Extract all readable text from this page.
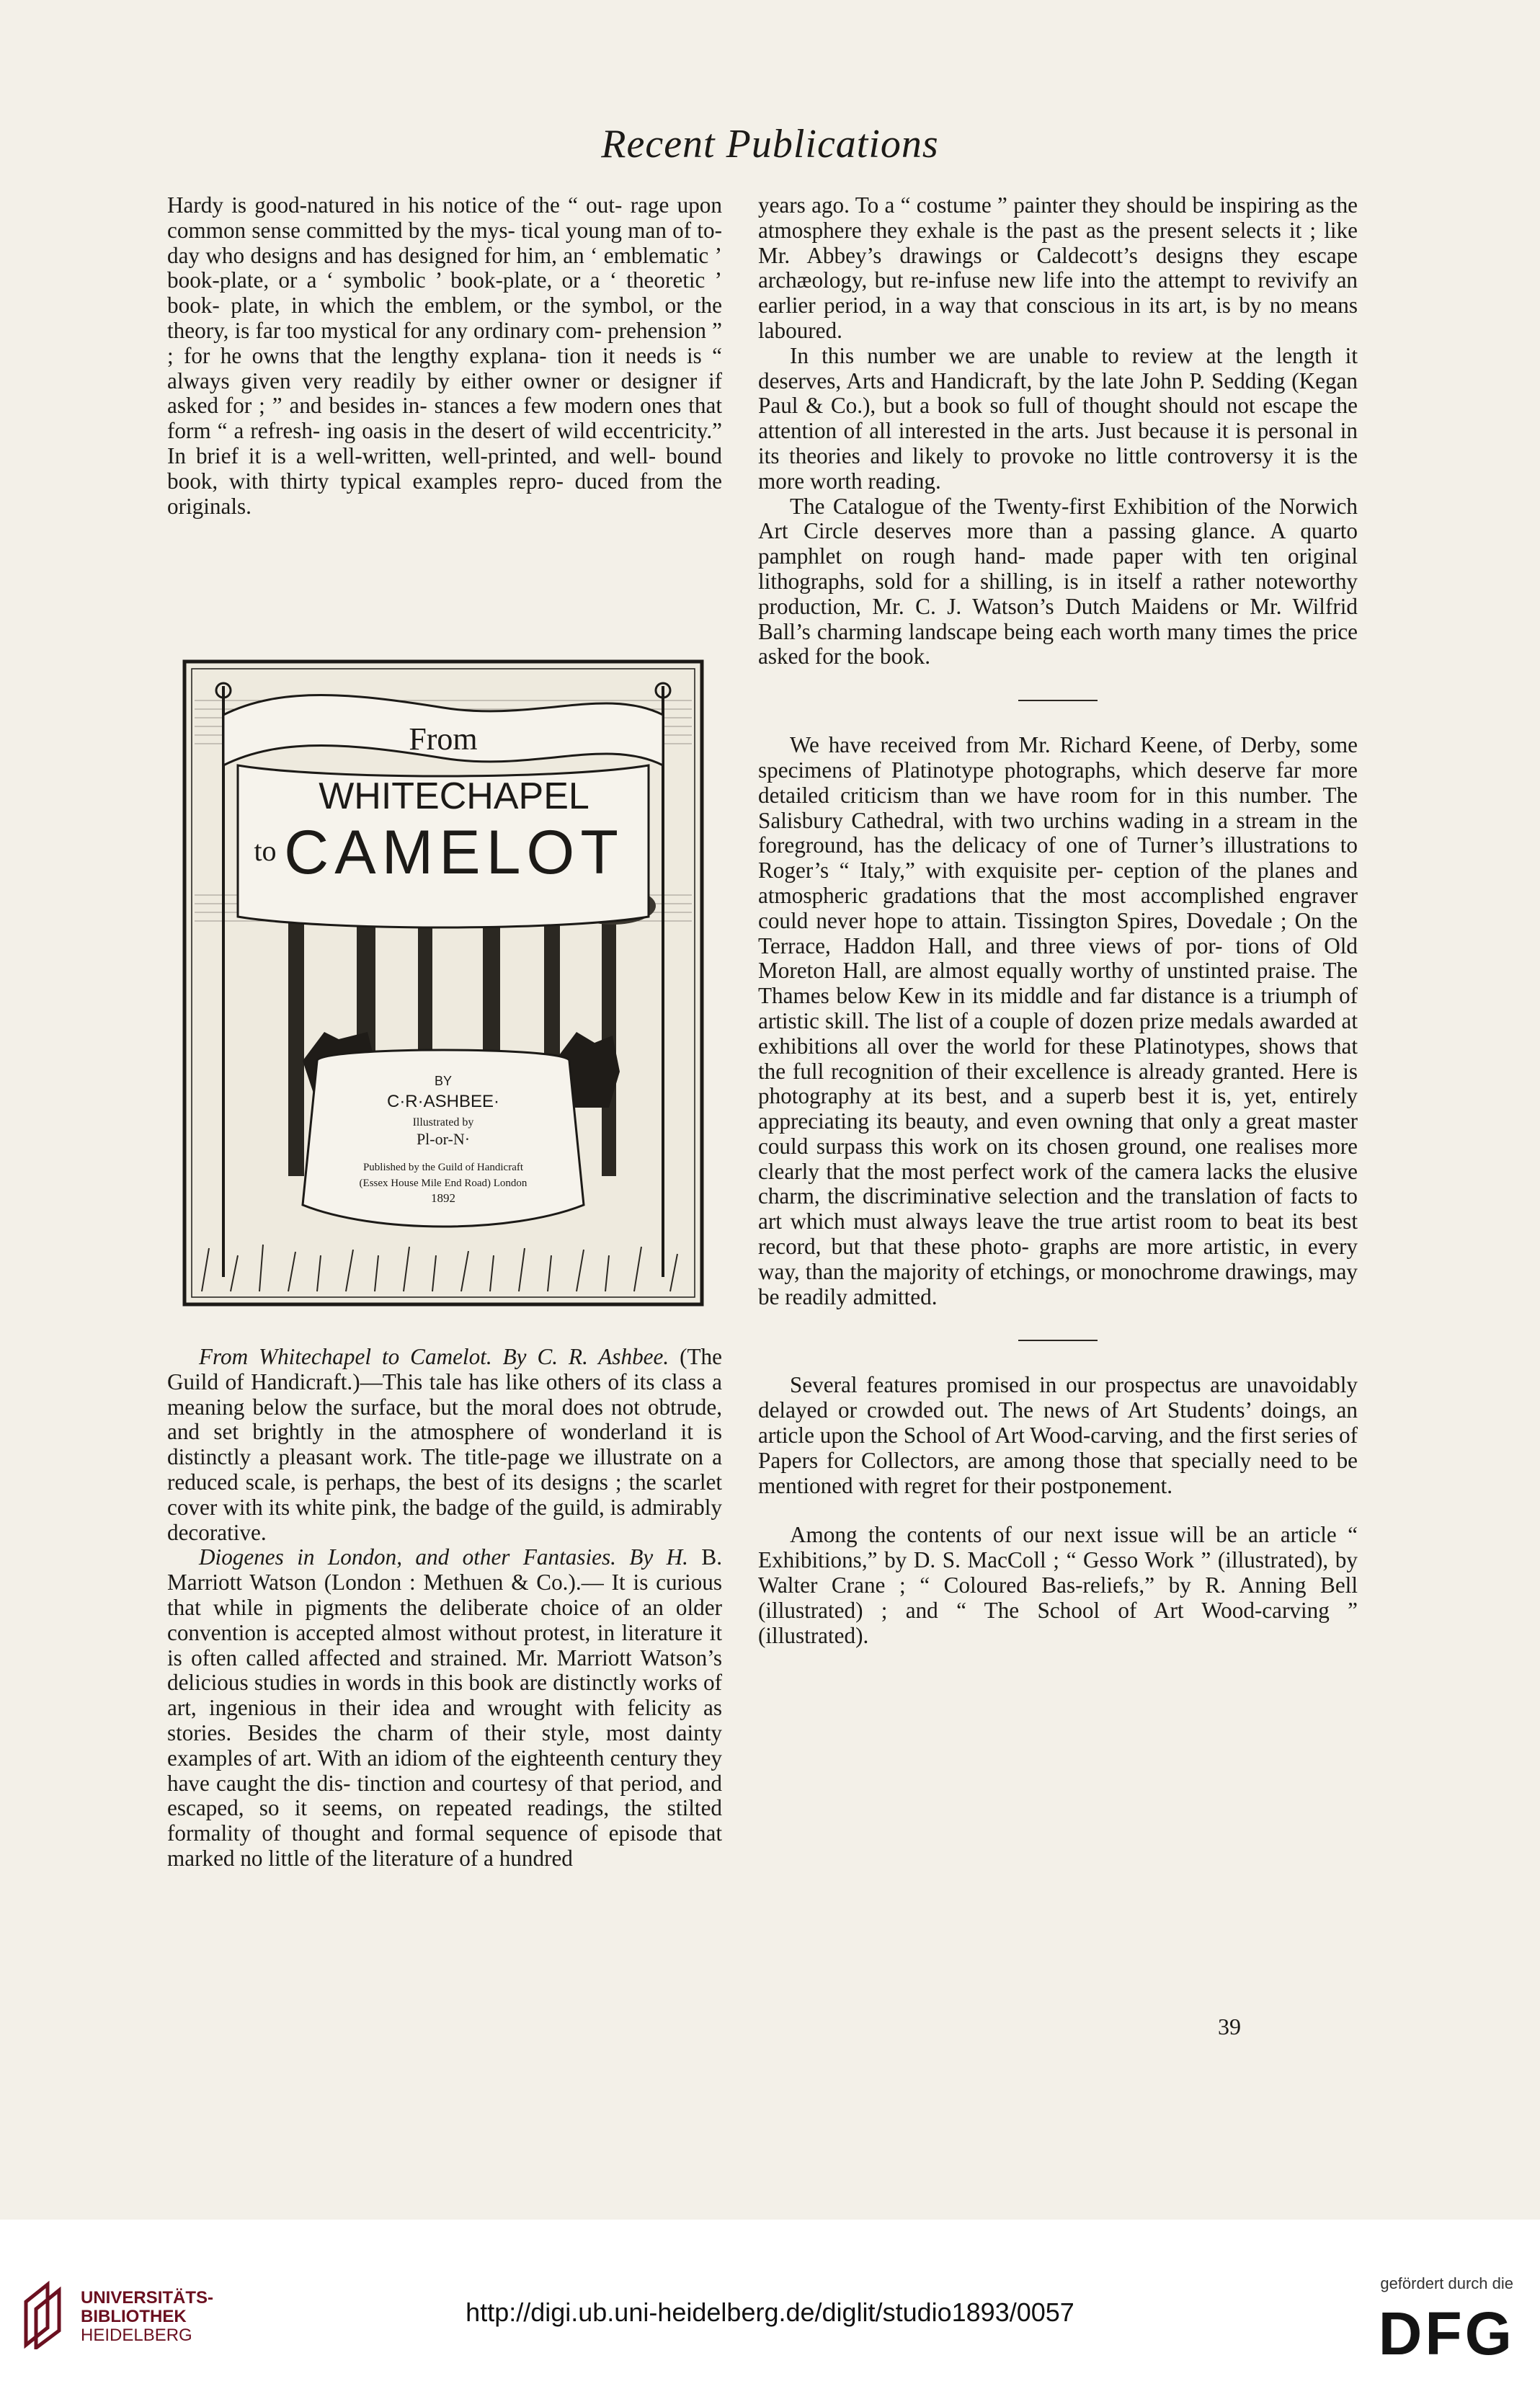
Recent Publications

Hardy is good-natured in his notice of the “ out- rage upon common sense committed by the mys- tical young man of to-day who designs and has designed for him, an ‘ emblematic ’ book-plate, or a ‘ symbolic ’ book-plate, or a ‘ theoretic ’ book- plate, in which the emblem, or the symbol, or the theory, is far too mystical for any ordinary com- prehension ” ; for he owns that the lengthy explana- tion it needs is “ always given very readily by either owner or designer if asked for ; ” and besides in- stances a few modern ones that form “ a refresh- ing oasis in the desert of wild eccentricity.” In brief it is a well-written, well-printed, and well- bound book, with thirty typical examples repro- duced from the originals.

From
WHITECHAPEL
to CAMELOT
BY
C·R·ASHBEE·
Illustrated by
Pl-or-N·
Published by the Guild of Handicraft
(Essex House Mile End Road) London
1892

From Whitechapel to Camelot. By C. R. Ashbee. (The Guild of Handicraft.)—This tale has like others of its class a meaning below the surface, but the moral does not obtrude, and set brightly in the atmosphere of wonderland it is distinctly a pleasant work. The title-page we illustrate on a reduced scale, is perhaps, the best of its designs ; the scarlet cover with its white pink, the badge of the guild, is admirably decorative.

Diogenes in London, and other Fantasies. By H. B. Marriott Watson (London : Methuen & Co.).— It is curious that while in pigments the deliberate choice of an older convention is accepted almost without protest, in literature it is often called affected and strained. Mr. Marriott Watson’s delicious studies in words in this book are distinctly works of art, ingenious in their idea and wrought with felicity as stories. Besides the charm of their style, most dainty examples of art. With an idiom of the eighteenth century they have caught the dis- tinction and courtesy of that period, and escaped, so it seems, on repeated readings, the stilted formality of thought and formal sequence of episode that marked no little of the literature of a hundred

years ago. To a “ costume ” painter they should be inspiring as the atmosphere they exhale is the past as the present selects it ; like Mr. Abbey’s drawings or Caldecott’s designs they escape archæology, but re-infuse new life into the attempt to revivify an earlier period, in a way that conscious in its art, is by no means laboured.

In this number we are unable to review at the length it deserves, Arts and Handicraft, by the late John P. Sedding (Kegan Paul & Co.), but a book so full of thought should not escape the attention of all interested in the arts. Just because it is personal in its theories and likely to provoke no little controversy it is the more worth reading.

The Catalogue of the Twenty-first Exhibition of the Norwich Art Circle deserves more than a passing glance. A quarto pamphlet on rough hand- made paper with ten original lithographs, sold for a shilling, is in itself a rather noteworthy production, Mr. C. J. Watson’s Dutch Maidens or Mr. Wilfrid Ball’s charming landscape being each worth many times the price asked for the book.

We have received from Mr. Richard Keene, of Derby, some specimens of Platinotype photographs, which deserve far more detailed criticism than we have room for in this number. The Salisbury Cathedral, with two urchins wading in a stream in the foreground, has the delicacy of one of Turner’s illustrations to Roger’s “ Italy,” with exquisite per- ception of the planes and atmospheric gradations that the most accomplished engraver could never hope to attain. Tissington Spires, Dovedale ; On the Terrace, Haddon Hall, and three views of por- tions of Old Moreton Hall, are almost equally worthy of unstinted praise. The Thames below Kew in its middle and far distance is a triumph of artistic skill. The list of a couple of dozen prize medals awarded at exhibitions all over the world for these Platinotypes, shows that the full recognition of their excellence is already granted. Here is photography at its best, and a superb best it is, yet, entirely appreciating its beauty, and even owning that only a great master could surpass this work on its chosen ground, one realises more clearly that the most perfect work of the camera lacks the elusive charm, the discriminative selection and the translation of facts to art which must always leave the true artist room to beat its best record, but that these photo- graphs are more artistic, in every way, than the majority of etchings, or monochrome drawings, may be readily admitted.

Several features promised in our prospectus are unavoidably delayed or crowded out. The news of Art Students’ doings, an article upon the School of Art Wood-carving, and the first series of Papers for Collectors, are among those that specially need to be mentioned with regret for their postponement.

Among the contents of our next issue will be an article “ Exhibitions,” by D. S. MacColl ; “ Gesso Work ” (illustrated), by Walter Crane ; “ Coloured Bas-reliefs,” by R. Anning Bell (illustrated) ; and “ The School of Art Wood-carving ” (illustrated).

39
UNIVERSITÄTS-
BIBLIOTHEK
HEIDELBERG
http://digi.ub.uni-heidelberg.de/diglit/studio1893/0057
gefördert durch die
DFG
